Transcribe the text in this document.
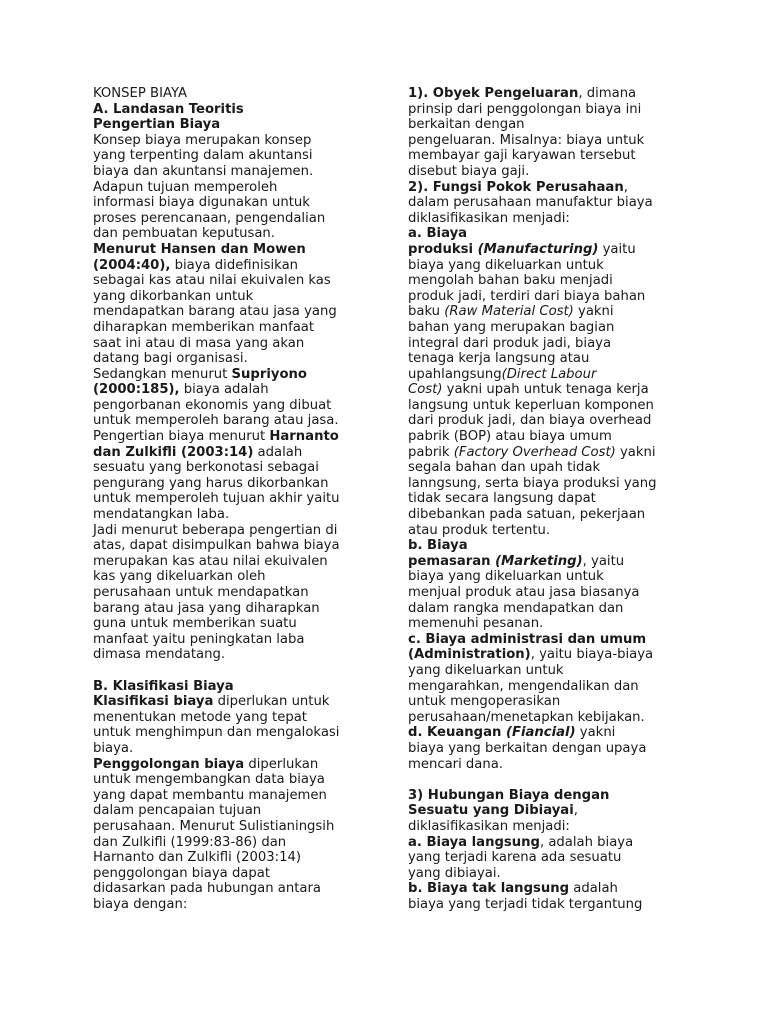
KONSEP BIAYA
A. Landasan Teoritis
Pengertian Biaya
Konsep biaya merupakan konsep
yang terpenting dalam akuntansi
biaya dan akuntansi manajemen.
Adapun tujuan memperoleh
informasi biaya digunakan untuk
proses perencanaan, pengendalian
dan pembuatan keputusan.
Menurut Hansen dan Mowen
(2004:40), biaya didefinisikan
sebagai kas atau nilai ekuivalen kas
yang dikorbankan untuk
mendapatkan barang atau jasa yang
diharapkan memberikan manfaat
saat ini atau di masa yang akan
datang bagi organisasi.
Sedangkan menurut Supriyono
(2000:185), biaya adalah
pengorbanan ekonomis yang dibuat
untuk memperoleh barang atau jasa.
Pengertian biaya menurut Harnanto
dan Zulkifli (2003:14) adalah
sesuatu yang berkonotasi sebagai
pengurang yang harus dikorbankan
untuk memperoleh tujuan akhir yaitu
mendatangkan laba.
Jadi menurut beberapa pengertian di
atas, dapat disimpulkan bahwa biaya
merupakan kas atau nilai ekuivalen
kas yang dikeluarkan oleh
perusahaan untuk mendapatkan
barang atau jasa yang diharapkan
guna untuk memberikan suatu
manfaat yaitu peningkatan laba
dimasa mendatang.
B. Klasifikasi Biaya
Klasifikasi biaya diperlukan untuk
menentukan metode yang tepat
untuk menghimpun dan mengalokasi
biaya.
Penggolongan biaya diperlukan
untuk mengembangkan data biaya
yang dapat membantu manajemen
dalam pencapaian tujuan
perusahaan. Menurut Sulistianingsih
dan Zulkifli (1999:83-86) dan
Harnanto dan Zulkifli (2003:14)
penggolongan biaya dapat
didasarkan pada hubungan antara
biaya dengan:
1). Obyek Pengeluaran, dimana
prinsip dari penggolongan biaya ini
berkaitan dengan
pengeluaran. Misalnya: biaya untuk
membayar gaji karyawan tersebut
disebut biaya gaji.
2). Fungsi Pokok Perusahaan,
dalam perusahaan manufaktur biaya
diklasifikasikan menjadi:
a. Biaya
produksi (Manufacturing) yaitu
biaya yang dikeluarkan untuk
mengolah bahan baku menjadi
produk jadi, terdiri dari biaya bahan
baku (Raw Material Cost) yakni
bahan yang merupakan bagian
integral dari produk jadi, biaya
tenaga kerja langsung atau
upahlangsung(Direct Labour
Cost) yakni upah untuk tenaga kerja
langsung untuk keperluan komponen
dari produk jadi, dan biaya overhead
pabrik (BOP) atau biaya umum
pabrik (Factory Overhead Cost) yakni
segala bahan dan upah tidak
lanngsung, serta biaya produksi yang
tidak secara langsung dapat
dibebankan pada satuan, pekerjaan
atau produk tertentu.
b. Biaya
pemasaran (Marketing), yaitu
biaya yang dikeluarkan untuk
menjual produk atau jasa biasanya
dalam rangka mendapatkan dan
memenuhi pesanan.
c. Biaya administrasi dan umum
(Administration), yaitu biaya-biaya
yang dikeluarkan untuk
mengarahkan, mengendalikan dan
untuk mengoperasikan
perusahaan/menetapkan kebijakan.
d. Keuangan (Fiancial) yakni
biaya yang berkaitan dengan upaya
mencari dana.
3) Hubungan Biaya dengan
Sesuatu yang Dibiayai,
diklasifikasikan menjadi:
a. Biaya langsung, adalah biaya
yang terjadi karena ada sesuatu
yang dibiayai.
b. Biaya tak langsung adalah
biaya yang terjadi tidak tergantung
